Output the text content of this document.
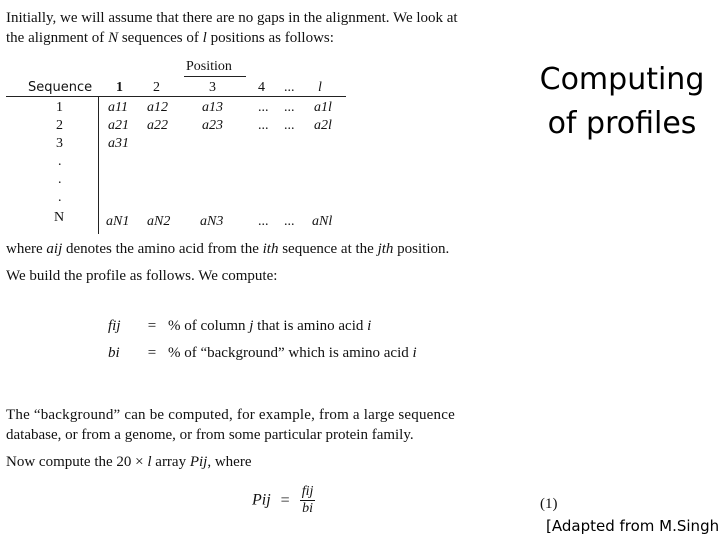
Computing
of profiles
Initially, we will assume that there are no gaps in the alignment. We look at
the alignment of N sequences of l positions as follows:
Position
Sequence 1 2	3	4 ... l
1	a11 a12 a13	... ... a1l
2	a21 a22 a23	... ... a2l
3	a31
.
.
.
N	aN1 aN2 aN3 ... ... aNl
where aij denotes the amino acid from the ith sequence at the jth position.
We build the profile as follows. We compute:
fij = % of column j that is amino acid i
bi = % of “background” which is amino acid i
The “background” can be computed, for example, from a large sequence
database, or from a genome, or from some particular protein family.
Now compute the 20 × l array Pij, where
Pij = $\frac{\text{fij}}{bi}$	(1)
[Adapted from M.Singh
